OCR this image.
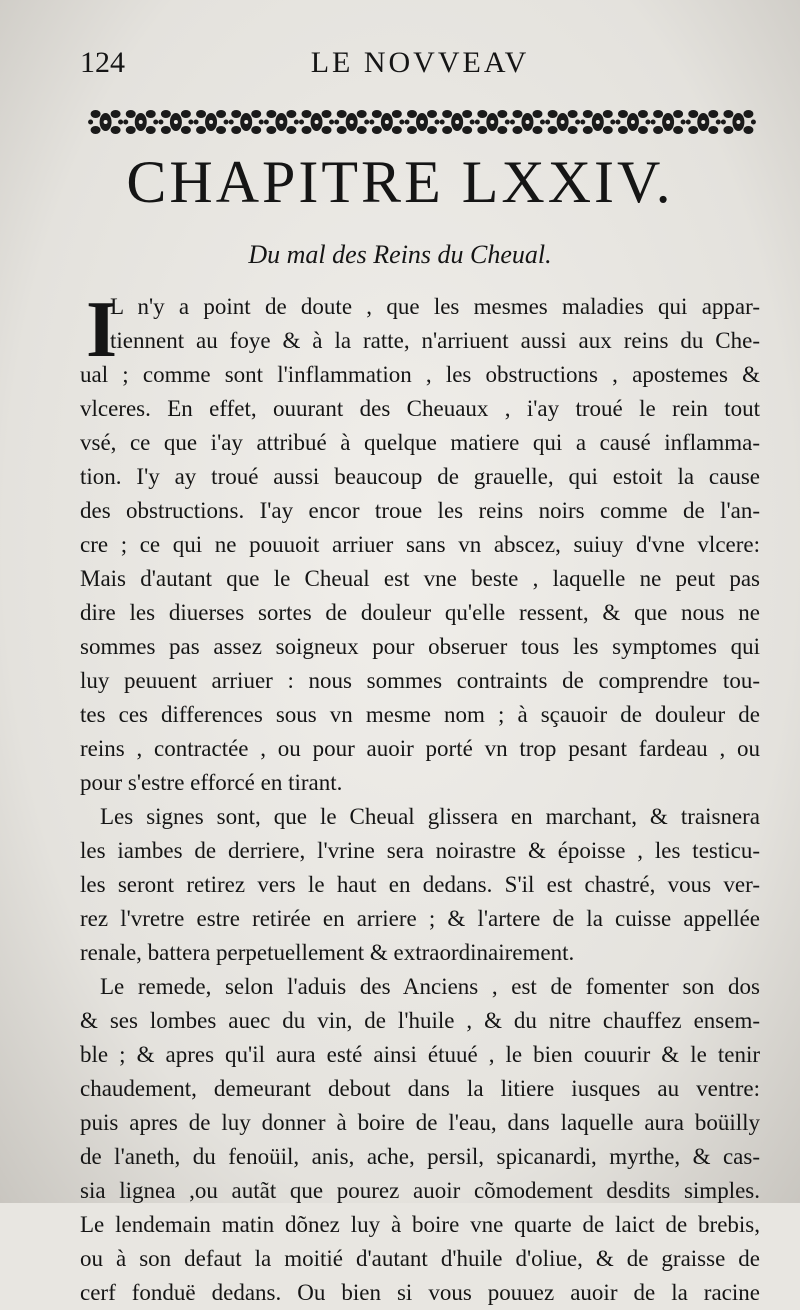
124	LE NOVVEAV
CHAPITRE LXXIV.
Du mal des Reins du Cheual.
I
L n'y a point de doute , que les mesmes maladies qui appar-
tiennent au foye & à la ratte, n'arriuent aussi aux reins du Che-
ual ; comme sont l'inflammation , les obstructions , apostemes &
vlceres. En effet, ouurant des Cheuaux , i'ay troué le rein tout
vsé, ce que i'ay attribué à quelque matiere qui a causé inflamma-
tion. I'y ay troué aussi beaucoup de grauelle, qui estoit la cause
des obstructions. I'ay encor troue les reins noirs comme de l'an-
cre ; ce qui ne pouuoit arriuer sans vn abscez, suiuy d'vne vlcere:
Mais d'autant que le Cheual est vne beste , laquelle ne peut pas
dire les diuerses sortes de douleur qu'elle ressent, & que nous ne
sommes pas assez soigneux pour obseruer tous les symptomes qui
luy peuuent arriuer : nous sommes contraints de comprendre tou-
tes ces differences sous vn mesme nom ; à sçauoir de douleur de
reins , contractée , ou pour auoir porté vn trop pesant fardeau , ou
pour s'estre efforcé en tirant.
Les signes sont, que le Cheual glissera en marchant, & traisnera
les iambes de derriere, l'vrine sera noirastre & époisse , les testicu-
les seront retirez vers le haut en dedans. S'il est chastré, vous ver-
rez l'vretre estre retirée en arriere ; & l'artere de la cuisse appellée
renale, battera perpetuellement & extraordinairement.
Le remede, selon l'aduis des Anciens , est de fomenter son dos
& ses lombes auec du vin, de l'huile , & du nitre chauffez ensem-
ble ; & apres qu'il aura esté ainsi étuué , le bien couurir & le tenir
chaudement, demeurant debout dans la litiere iusques au ventre:
puis apres de luy donner à boire de l'eau, dans laquelle aura boüilly
de l'aneth, du fenoüil, anis, ache, persil, spicanardi, myrthe, & cas-
sia lignea ,ou autãt que pourez auoir cõmodement desdits simples.
Le lendemain matin dõnez luy à boire vne quarte de laict de brebis,
ou à son defaut la moitié d'autant d'huile d'oliue, & de graisse de
cerf fonduë dedans. Ou bien si vous pouuez auoir de la racine
